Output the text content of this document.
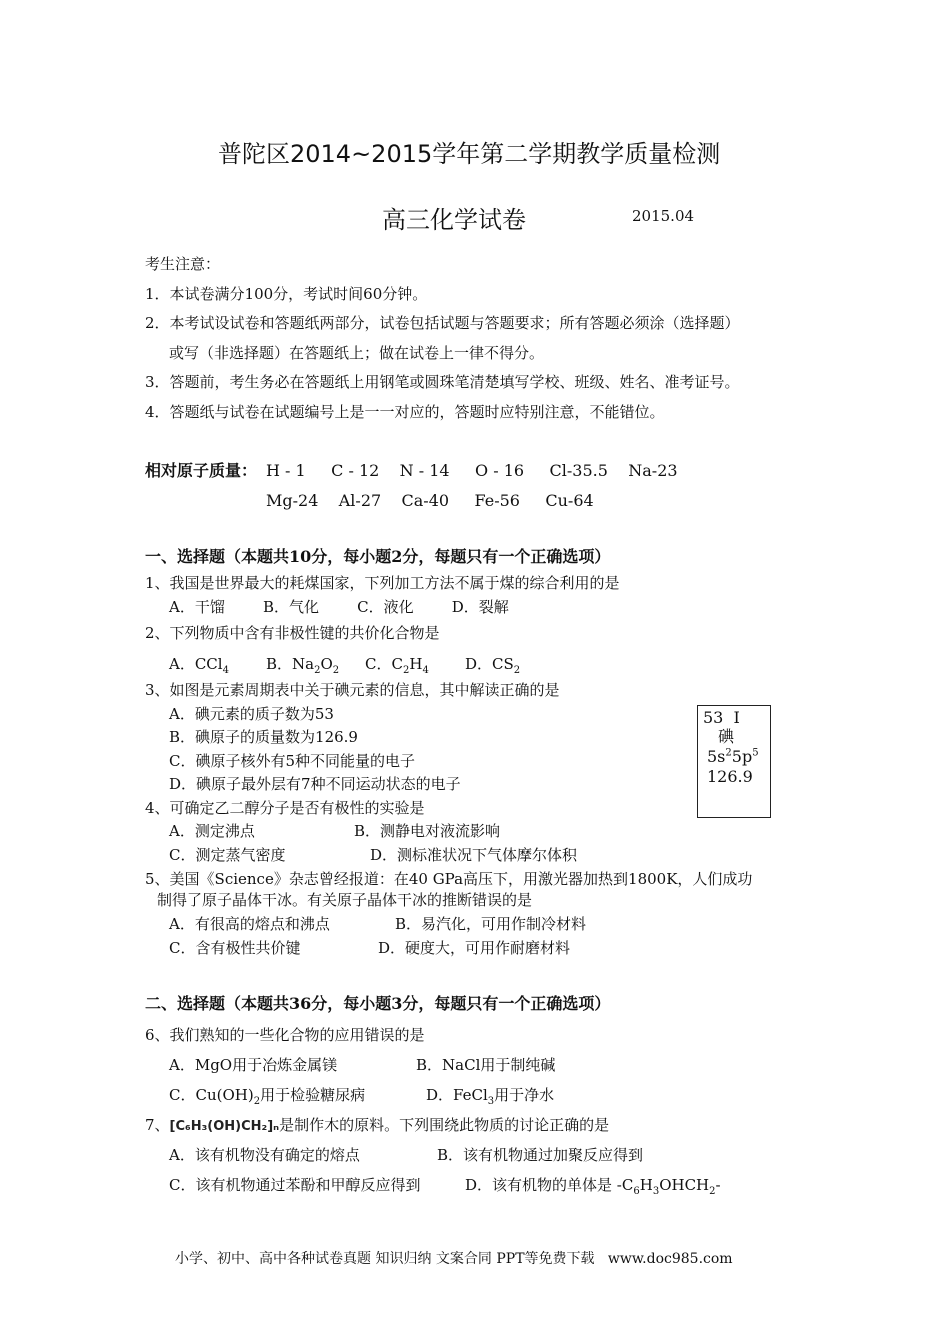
普陀区2014~2015学年第二学期教学质量检测
高三化学试卷	2015.04
考生注意：
1．本试卷满分100分，考试时间60分钟。
2．本考试设试卷和答题纸两部分，试卷包括试题与答题要求；所有答题必须涂（选择题）
或写（非选择题）在答题纸上；做在试卷上一律不得分。
3．答题前，考生务必在答题纸上用钢笔或圆珠笔清楚填写学校、班级、姓名、准考证号。
4．答题纸与试卷在试题编号上是一一对应的，答题时应特别注意，不能错位。
相对原子质量： H - 1     C - 12    N - 14     O - 16     Cl-35.5    Na-23
Mg-24    Al-27    Ca-40     Fe-56     Cu-64
一、选择题（本题共10分，每小题2分，每题只有一个正确选项）
1、我国是世界最大的耗煤国家，下列加工方法不属于煤的综合利用的是
A．干馏        B．气化        C．液化        D．裂解
2、下列物质中含有非极性键的共价化合物是
A．CCl$_4$ B．$Na_2O_2$ C．$C_2H_4$ D．$CS_2$
3、如图是元素周期表中关于碘元素的信息，其中解读正确的是
A．碘元素的质子数为53
B．碘原子的质量数为126.9
C．碘原子核外有5种不同能量的电子
D．碘原子最外层有7种不同运动状态的电子
53  I
碘
$5s^25p^5$
126.9
4、可确定乙二醇分子是否有极性的实验是
A．测定沸点	B．测静电对液流影响
C．测定蒸气密度	D．测标准状况下气体摩尔体积
5、美国《Science》杂志曾经报道：在40 GPa高压下，用激光器加热到1800K，人们成功
制得了原子晶体干冰。有关原子晶体干冰的推断错误的是
A．有很高的熔点和沸点	B．易汽化，可用作制冷材料
C．含有极性共价键	D．硬度大，可用作耐磨材料
二、选择题（本题共36分，每小题3分，每题只有一个正确选项）
6、我们熟知的一些化合物的应用错误的是
A．MgO用于冶炼金属镁	B．NaCl用于制纯碱
C．$Cu(OH)_2$用于检验糖尿病	D．FeCl$_3$用于净水
7、[C₆H₃(OH)CH₂]ₙ是制作木的原料。下列围绕此物质的讨论正确的是
A．该有机物没有确定的熔点	B．该有机物通过加聚反应得到
C．该有机物通过苯酚和甲醇反应得到	D．该有机物的单体是 $-C_6H_3OHCH_2-$
小学、初中、高中各种试卷真题 知识归纳 文案合同 PPT等免费下载   www.doc985.com
